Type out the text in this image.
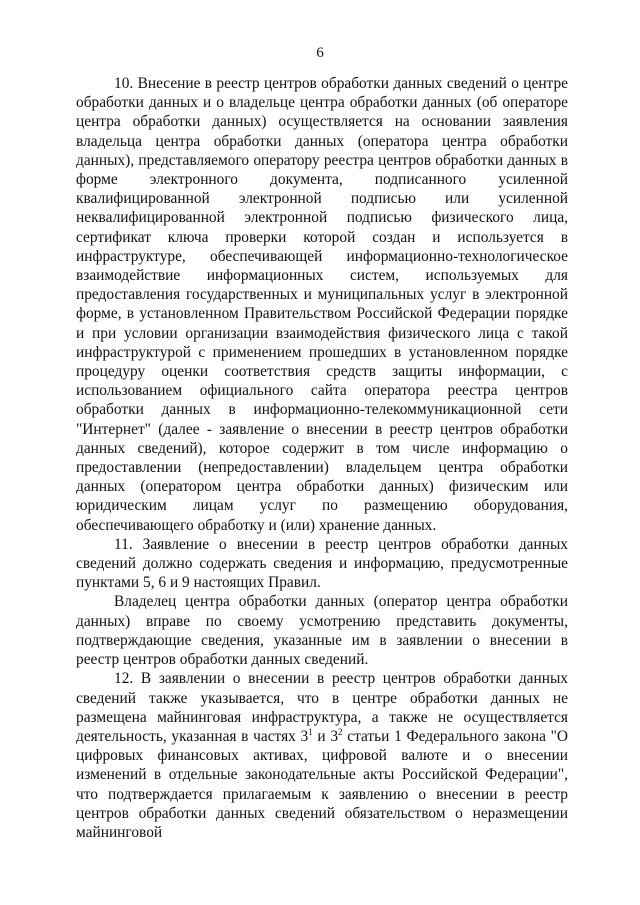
6

10. Внесение в реестр центров обработки данных сведений о центре обработки данных и о владельце центра обработки данных (об операторе центра обработки данных) осуществляется на основании заявления владельца центра обработки данных (оператора центра обработки данных), представляемого оператору реестра центров обработки данных в форме электронного документа, подписанного усиленной квалифицированной электронной подписью или усиленной неквалифицированной электронной подписью физического лица, сертификат ключа проверки которой создан и используется в инфраструктуре, обеспечивающей информационно-технологическое взаимодействие информационных систем, используемых для предоставления государственных и муниципальных услуг в электронной форме, в установленном Правительством Российской Федерации порядке и при условии организации взаимодействия физического лица с такой инфраструктурой с применением прошедших в установленном порядке процедуру оценки соответствия средств защиты информации, с использованием официального сайта оператора реестра центров обработки данных в информационно-телекоммуникационной сети "Интернет" (далее - заявление о внесении в реестр центров обработки данных сведений), которое содержит в том числе информацию о предоставлении (непредоставлении) владельцем центра обработки данных (оператором центра обработки данных) физическим или юридическим лицам услуг по размещению оборудования, обеспечивающего обработку и (или) хранение данных.

11. Заявление о внесении в реестр центров обработки данных сведений должно содержать сведения и информацию, предусмотренные пунктами 5, 6 и 9 настоящих Правил.

Владелец центра обработки данных (оператор центра обработки данных) вправе по своему усмотрению представить документы, подтверждающие сведения, указанные им в заявлении о внесении в реестр центров обработки данных сведений.

12. В заявлении о внесении в реестр центров обработки данных сведений также указывается, что в центре обработки данных не размещена майнинговая инфраструктура, а также не осуществляется деятельность, указанная в частях $3^1$ и $3^2$ статьи 1 Федерального закона "О цифровых финансовых активах, цифровой валюте и о внесении изменений в отдельные законодательные акты Российской Федерации", что подтверждается прилагаемым к заявлению о внесении в реестр центров обработки данных сведений обязательством о неразмещении майнинговой
